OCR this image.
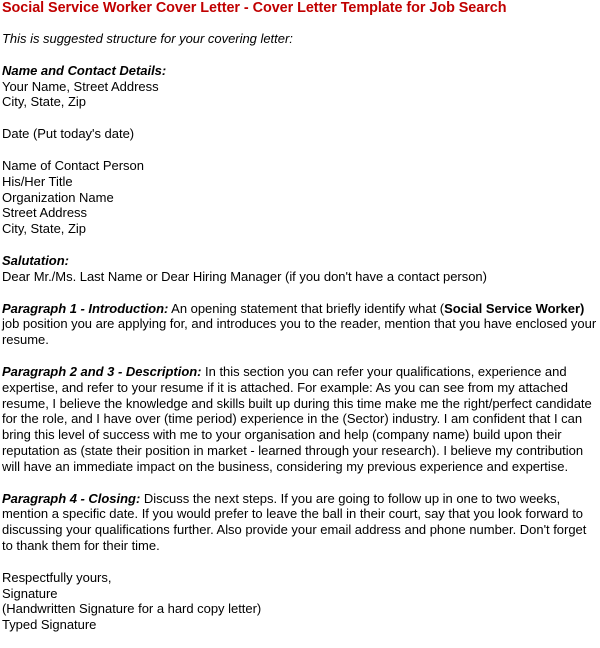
Social Service Worker Cover Letter - Cover Letter Template for Job Search
This is suggested structure for your covering letter:
Name and Contact Details:
Your Name, Street Address
City, State, Zip
Date (Put today's date)
Name of Contact Person
His/Her Title
Organization Name
Street Address
City, State, Zip
Salutation:
Dear Mr./Ms. Last Name or Dear Hiring Manager (if you don't have a contact person)

Paragraph 1 - Introduction: An opening statement that briefly identify what (Social Service Worker) job position you are applying for, and introduces you to the reader, mention that you have enclosed your resume.

Paragraph 2 and 3 - Description: In this section you can refer your qualifications, experience and expertise, and refer to your resume if it is attached. For example: As you can see from my attached resume, I believe the knowledge and skills built up during this time make me the right/perfect candidate for the role, and I have over (time period) experience in the (Sector) industry. I am confident that I can bring this level of success with me to your organisation and help (company name) build upon their reputation as (state their position in market - learned through your research). I believe my contribution will have an immediate impact on the business, considering my previous experience and expertise.

Paragraph 4 - Closing: Discuss the next steps. If you are going to follow up in one to two weeks, mention a specific date. If you would prefer to leave the ball in their court, say that you look forward to discussing your qualifications further. Also provide your email address and phone number. Don't forget to thank them for their time.

Respectfully yours,
Signature
(Handwritten Signature for a hard copy letter)
Typed Signature
